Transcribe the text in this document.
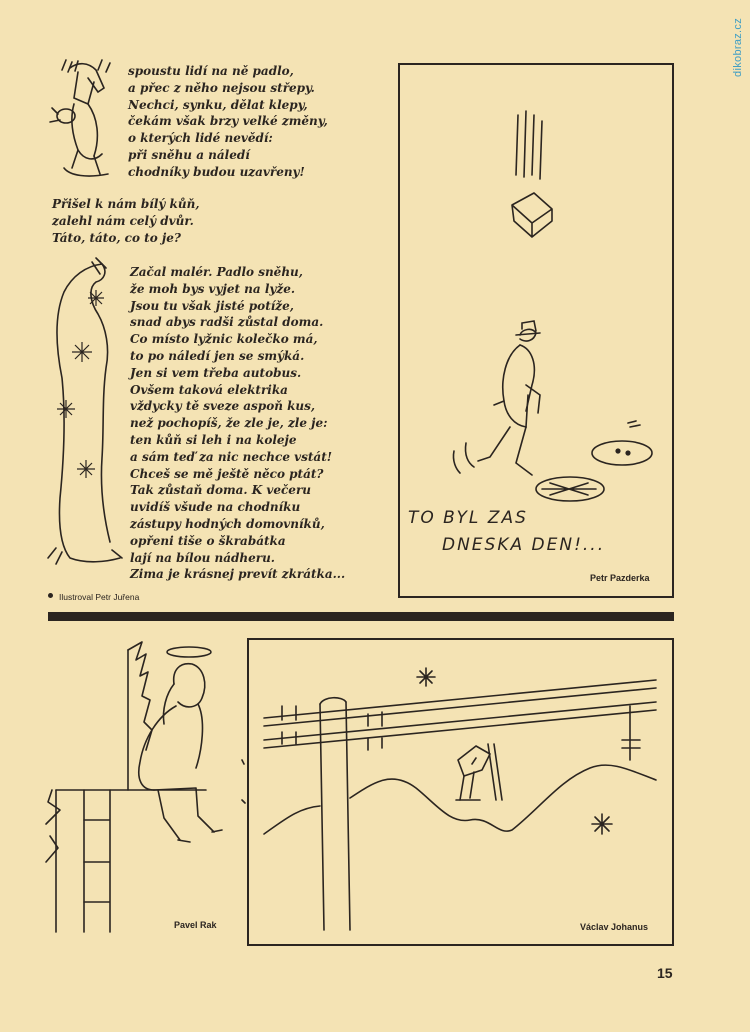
dikobraz.cz

spoustu lidí na ně padlo,
a přec z něho nejsou střepy.
Nechci, synku, dělat klepy,
čekám však brzy velké změny,
o kterých lidé nevědí:
při sněhu a náledí
chodníky budou uzavřeny!

Přišel k nám bílý kůň,
zalehl nám celý dvůr.
Táto, táto, co to je?

Začal malér. Padlo sněhu,
že moh bys vyjet na lyže.
Jsou tu však jisté potíže,
snad abys radši zůstal doma.
Co místo lyžnic kolečko má,
to po náledí jen se smýká.
Jen si vem třeba autobus.
Ovšem taková elektrika
vždycky tě sveze aspoň kus,
než pochopíš, že zle je, zle je:
ten kůň si leh i na koleje
a sám teď za nic nechce vstát!
Chceš se mě ještě něco ptát?
Tak zůstaň doma. K večeru
uvidíš všude na chodníku
zástupy hodných domovníků,
opřeni tiše o škrabátka
lají na bílou nádheru.
Zima je krásnej prevít zkrátka...

Ilustroval Petr Juřena
TO BYL ZAS
DNESKA DEN!...
Petr Pazderka
Pavel Rak	Václav Johanus
15
